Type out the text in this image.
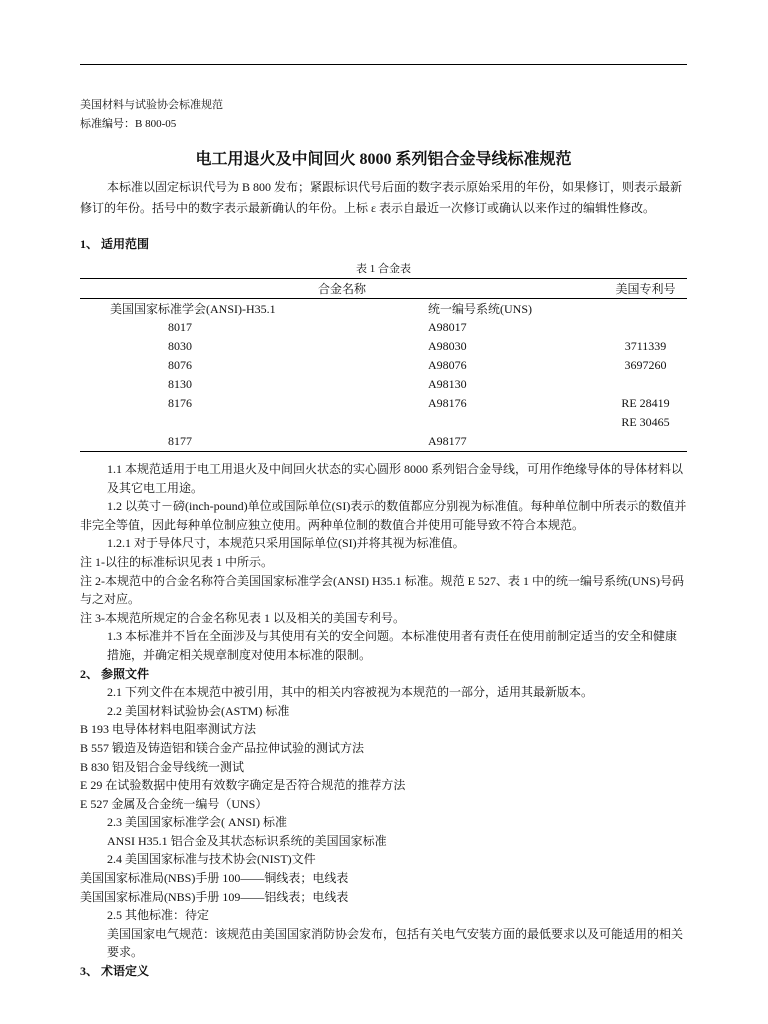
美国材料与试验协会标准规范
标准编号：B 800-05
电工用退火及中间回火 8000 系列铝合金导线标准规范
本标准以固定标识代号为 B 800 发布；紧跟标识代号后面的数字表示原始采用的年份，如果修订，则表示最新修订的年份。括号中的数字表示最新确认的年份。上标 ε 表示自最近一次修订或确认以来作过的编辑性修改。
1、 适用范围
表 1 合金表
合金名称		美国专利号
美国国家标准学会(ANSI)-H35.1	统一编号系统(UNS)	
8017	A98017	
8030	A98030	3711339
8076	A98076	3697260
8130	A98130	
8176	A98176	RE 28419
		RE 30465
8177	A98177	
1.1 本规范适用于电工用退火及中间回火状态的实心圆形 8000 系列铝合金导线，可用作绝缘导体的导体材料以及其它电工用途。
1.2 以英寸－磅(inch-pound)单位或国际单位(SI)表示的数值都应分别视为标准值。每种单位制中所表示的数值并非完全等值，因此每种单位制应独立使用。两种单位制的数值合并使用可能导致不符合本规范。
1.2.1 对于导体尺寸，本规范只采用国际单位(SI)并将其视为标准值。
注 1-以往的标准标识见表 1 中所示。
注 2-本规范中的合金名称符合美国国家标准学会(ANSI) H35.1 标准。规范 E 527、表 1 中的统一编号系统(UNS)号码与之对应。
注 3-本规范所规定的合金名称见表 1 以及相关的美国专利号。
1.3 本标准并不旨在全面涉及与其使用有关的安全问题。本标准使用者有责任在使用前制定适当的安全和健康措施，并确定相关规章制度对使用本标准的限制。
2、 参照文件
2.1 下列文件在本规范中被引用，其中的相关内容被视为本规范的一部分，适用其最新版本。
2.2 美国材料试验协会(ASTM) 标准
B 193 电导体材料电阻率测试方法
B 557 锻造及铸造铝和镁合金产品拉伸试验的测试方法
B 830 铝及铝合金导线统一测试
E 29 在试验数据中使用有效数字确定是否符合规范的推荐方法
E 527 金属及合金统一编号（UNS）
2.3 美国国家标准学会( ANSI) 标准
ANSI H35.1 铝合金及其状态标识系统的美国国家标准
2.4 美国国家标准与技术协会(NIST)文件
美国国家标准局(NBS)手册 100——铜线表；电线表
美国国家标准局(NBS)手册 109——铝线表；电线表
2.5 其他标准：待定
美国国家电气规范：该规范由美国国家消防协会发布，包括有关电气安装方面的最低要求以及可能适用的相关要求。
3、 术语定义
